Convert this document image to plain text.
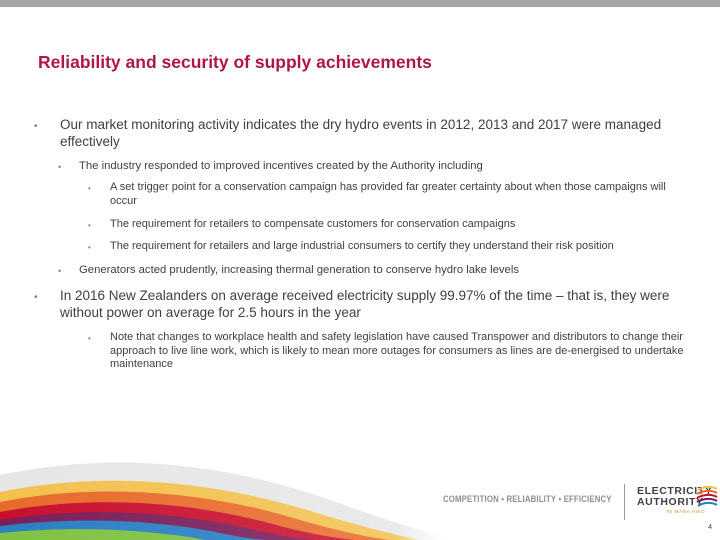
Reliability and security of supply achievements
•	Our market monitoring activity indicates the dry hydro events in 2012, 2013 and 2017 were managed effectively
•	The industry responded to improved incentives created by the Authority including
•	A set trigger point for a conservation campaign has provided far greater certainty about when those campaigns will occur
•	The requirement for retailers to compensate customers for conservation campaigns
•	The requirement for retailers and large industrial consumers to certify they understand their risk position
•	Generators acted prudently, increasing thermal generation to conserve hydro lake levels
•	In 2016 New Zealanders on average received electricity supply 99.97% of the time – that is, they were without power on average for 2.5 hours in the year
•	Note that changes to workplace health and safety legislation have caused Transpower and distributors to change their approach to live line work, which is likely to mean more outages for consumers as lines are de-energised to undertake maintenance
COMPETITION • RELIABILITY • EFFICIENCY
ELECTRICITY
AUTHORITY
TE MANA HIKO
4
